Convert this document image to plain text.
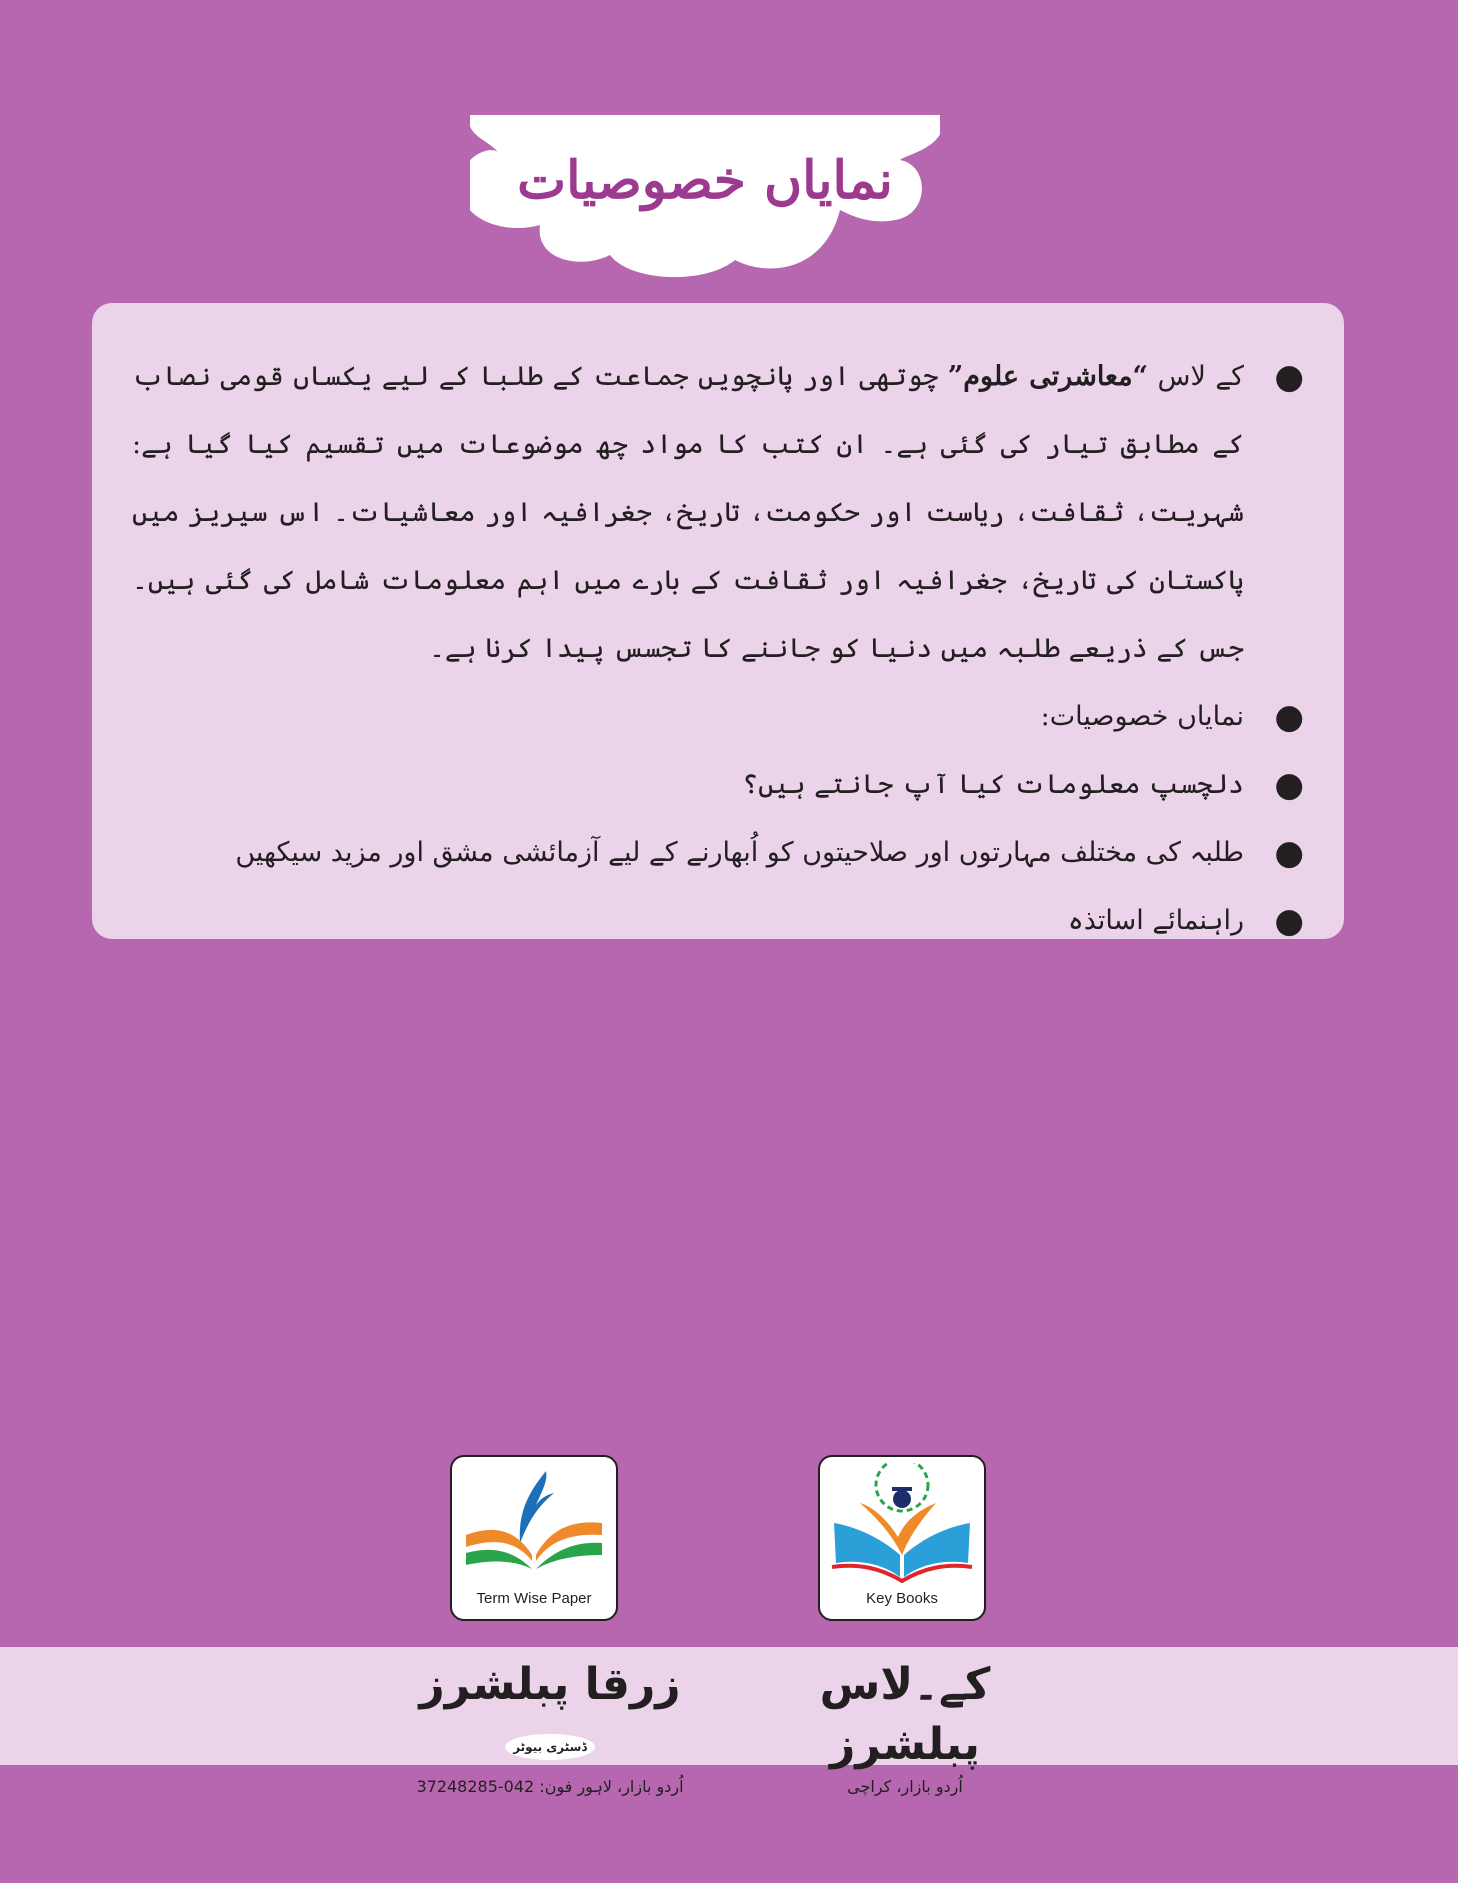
نمایاں خصوصیات
●
کے لاس “معاشرتی علوم” چوتھی اور پانچویں جماعت کے طلبا کے لیے یکساں قومی نصاب کے مطابق تیار کی گئی ہے۔ ان کتب کا مواد چھ موضوعات میں تقسیم کیا گیا ہے: شہریت، ثقافت، ریاست اور حکومت، تاریخ، جغرافیہ اور معاشیات۔ اس سیریز میں پاکستان کی تاریخ، جغرافیہ اور ثقافت کے بارے میں اہم معلومات شامل کی گئی ہیں۔ جس کے ذریعے طلبہ میں دنیا کو جاننے کا تجسس پیدا کرنا ہے۔
●
نمایاں خصوصیات:
●
دلچسپ معلومات کیا آپ جانتے ہیں؟
●
طلبہ کی مختلف مہارتوں اور صلاحیتوں کو اُبھارنے کے لیے آزمائشی مشق اور مزید سیکھیں
●
راہنمائے اساتذہ
Term Wise Paper	Key Books
زرقا پبلشرزڈسٹری بیوٹر
اُردو بازار، لاہور فون: 042-37248285
کے۔لاس پبلشرز
اُردو بازار، کراچی
